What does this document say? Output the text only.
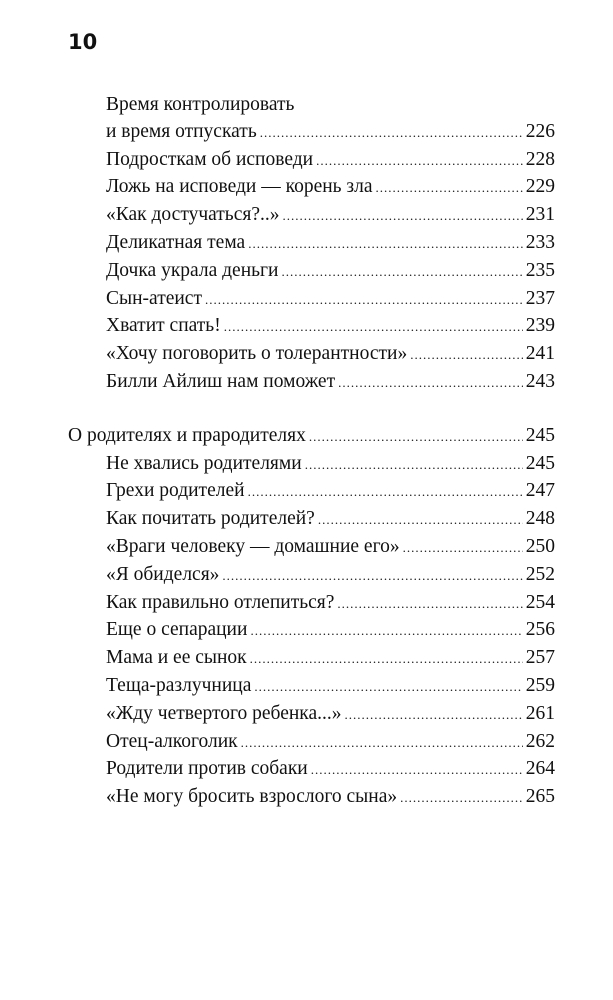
10
Время контролировать
и время отпускать .....	226
Подросткам об исповеди .....	228
Ложь на исповеди — корень зла .....	229
«Как достучаться?..» .....	231
Деликатная тема .....	233
Дочка украла деньги .....	235
Сын-атеист .....	237
Хватит спать! .....	239
«Хочу поговорить о толерантности» .....	241
Билли Айлиш нам поможет .....	243
О родителях и прародителях .....	245
Не хвались родителями .....	245
Грехи родителей .....	247
Как почитать родителей? .....	248
«Враги человеку — домашние его» .....	250
«Я обиделся» .....	252
Как правильно отлепиться? .....	254
Еще о сепарации .....	256
Мама и ее сынок .....	257
Теща-разлучница .....	259
«Жду четвертого ребенка...» .....	261
Отец-алкоголик .....	262
Родители против собаки .....	264
«Не могу бросить взрослого сына» .....	265
